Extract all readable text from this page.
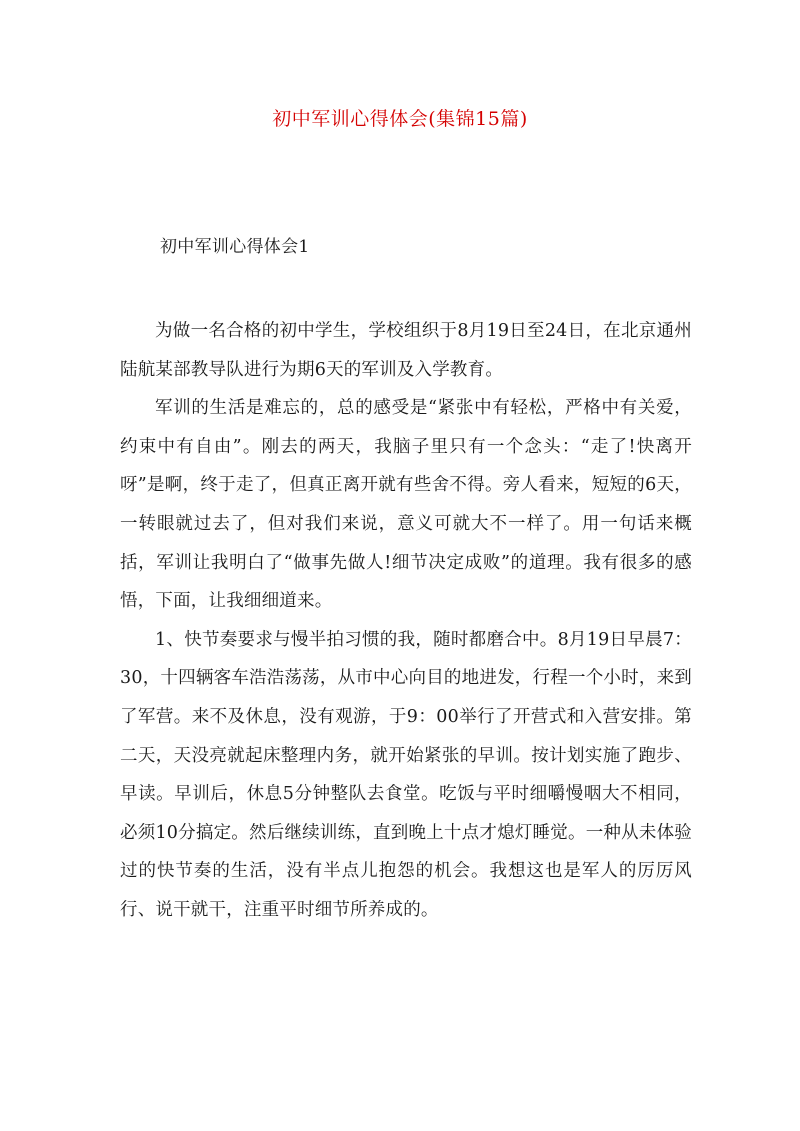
初中军训心得体会(集锦15篇)
初中军训心得体会1

为做一名合格的初中学生，学校组织于8月19日至24日，在北京通州陆航某部教导队进行为期6天的军训及入学教育。

军训的生活是难忘的，总的感受是“紧张中有轻松，严格中有关爱，约束中有自由”。刚去的两天，我脑子里只有一个念头：“走了!快离开呀”是啊，终于走了，但真正离开就有些舍不得。旁人看来，短短的6天，一转眼就过去了，但对我们来说，意义可就大不一样了。用一句话来概括，军训让我明白了“做事先做人!细节决定成败”的道理。我有很多的感悟，下面，让我细细道来。

1、快节奏要求与慢半拍习惯的我，随时都磨合中。8月19日早晨7：30，十四辆客车浩浩荡荡，从市中心向目的地进发，行程一个小时，来到了军营。来不及休息，没有观游，于9：00举行了开营式和入营安排。第二天，天没亮就起床整理内务，就开始紧张的早训。按计划实施了跑步、早读。早训后，休息5分钟整队去食堂。吃饭与平时细嚼慢咽大不相同，必须10分搞定。然后继续训练，直到晚上十点才熄灯睡觉。一种从未体验过的快节奏的生活，没有半点儿抱怨的机会。我想这也是军人的厉厉风行、说干就干，注重平时细节所养成的。
